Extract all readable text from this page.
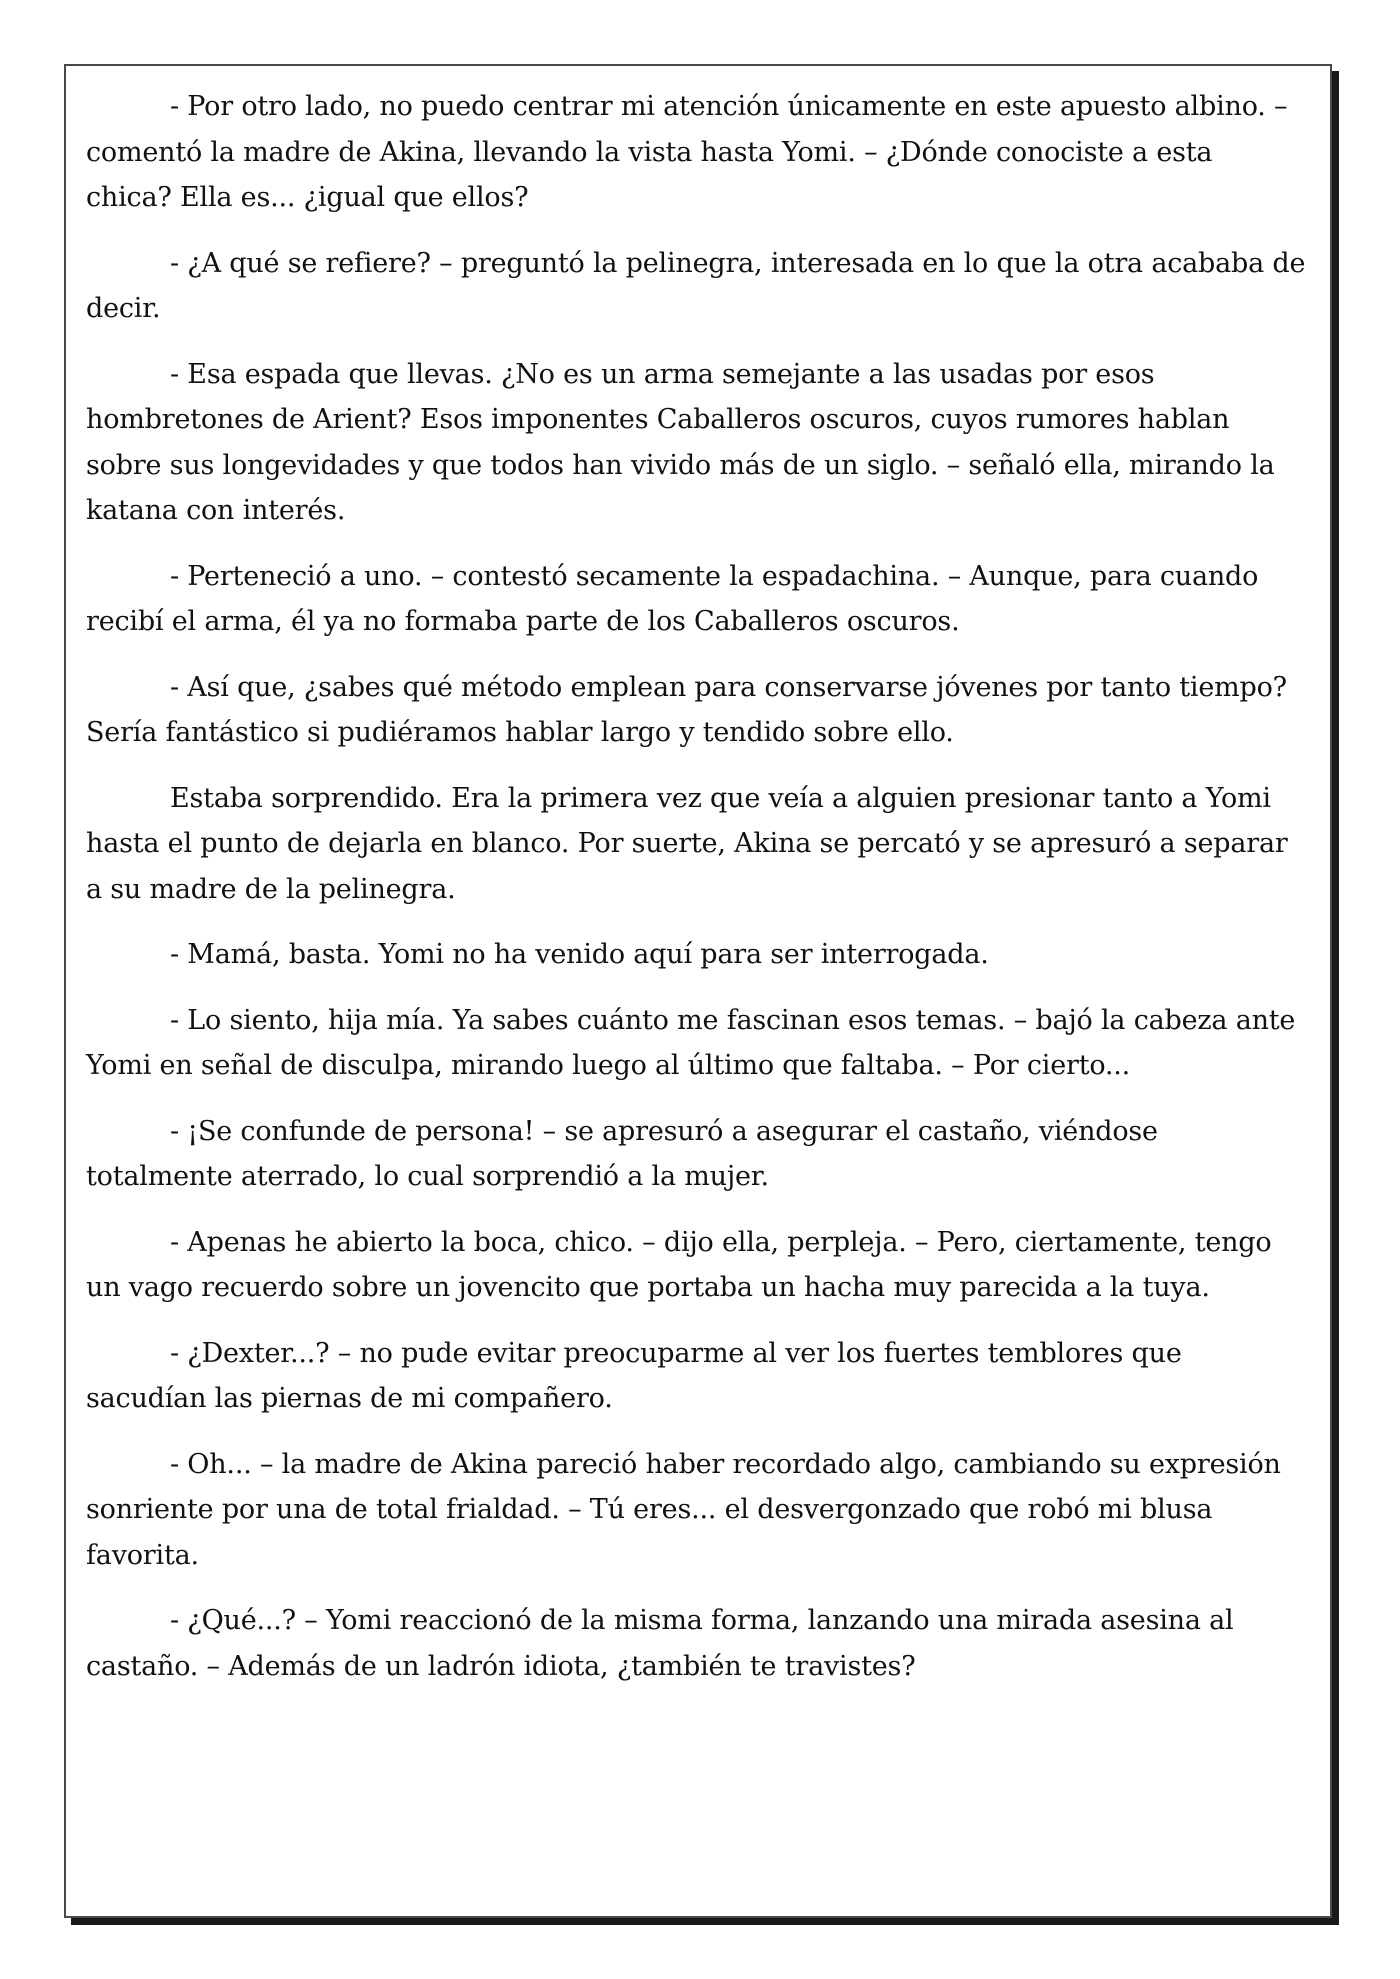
- Por otro lado, no puedo centrar mi atención únicamente en este apuesto albino. – comentó la madre de Akina, llevando la vista hasta Yomi. – ¿Dónde conociste a esta chica? Ella es... ¿igual que ellos?

- ¿A qué se refiere? – preguntó la pelinegra, interesada en lo que la otra acababa de decir.

- Esa espada que llevas. ¿No es un arma semejante a las usadas por esos hombretones de Arient? Esos imponentes Caballeros oscuros, cuyos rumores hablan sobre sus longevidades y que todos han vivido más de un siglo. – señaló ella, mirando la katana con interés.

- Perteneció a uno. – contestó secamente la espadachina. – Aunque, para cuando recibí el arma, él ya no formaba parte de los Caballeros oscuros.

- Así que, ¿sabes qué método emplean para conservarse jóvenes por tanto tiempo? Sería fantástico si pudiéramos hablar largo y tendido sobre ello.

Estaba sorprendido. Era la primera vez que veía a alguien presionar tanto a Yomi hasta el punto de dejarla en blanco. Por suerte, Akina se percató y se apresuró a separar a su madre de la pelinegra.

- Mamá, basta. Yomi no ha venido aquí para ser interrogada.

- Lo siento, hija mía. Ya sabes cuánto me fascinan esos temas. – bajó la cabeza ante Yomi en señal de disculpa, mirando luego al último que faltaba. – Por cierto...

- ¡Se confunde de persona! – se apresuró a asegurar el castaño, viéndose totalmente aterrado, lo cual sorprendió a la mujer.

- Apenas he abierto la boca, chico. – dijo ella, perpleja. – Pero, ciertamente, tengo un vago recuerdo sobre un jovencito que portaba un hacha muy parecida a la tuya.

- ¿Dexter...? – no pude evitar preocuparme al ver los fuertes temblores que sacudían las piernas de mi compañero.

- Oh... – la madre de Akina pareció haber recordado algo, cambiando su expresión sonriente por una de total frialdad. – Tú eres... el desvergonzado que robó mi blusa favorita.

- ¿Qué...? – Yomi reaccionó de la misma forma, lanzando una mirada asesina al castaño. – Además de un ladrón idiota, ¿también te travistes?
